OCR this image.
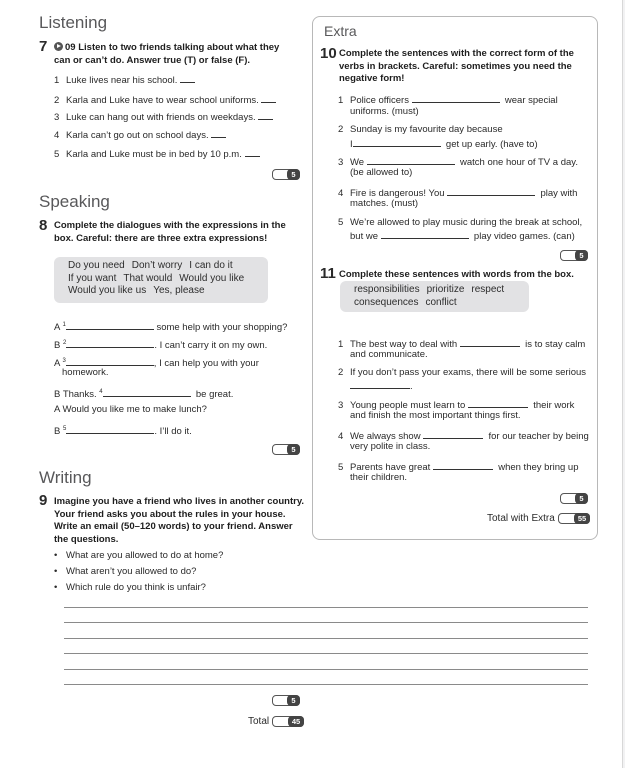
Listening
7	09 Listen to two friends talking about what they can or can’t do. Answer true (T) or false (F).
1 Luke lives near his school.
2 Karla and Luke have to wear school uniforms.
3 Luke can hang out with friends on weekdays.
4 Karla can’t go out on school days.
5 Karla and Luke must be in bed by 10 p.m.
5
Speaking
8 Complete the dialogues with the expressions in the box. Careful: there are three extra expressions!
Do you need Don’t worry I can do it
If you want That would Would you like
Would you like us Yes, please
A $^1$	some help with your shopping?
B $^2$	. I can’t carry it on my own.
A $^3$	, I can help you with your
homework.
B Thanks. $^4$	be great.
A Would you like me to make lunch?
B $^5$	. I’ll do it.
5
Writing
9 Imagine you have a friend who lives in another country. Your friend asks you about the rules in your house. Write an email (50–120 words) to your friend. Answer the questions.
• What are you allowed to do at home?
• What aren’t you allowed to do?
• Which rule do you think is unfair?
5
Total	45
Extra
10 Complete the sentences with the correct form of the verbs in brackets. Careful: sometimes you need the negative form!
1 Police officers	wear special
uniforms. (must)
2 Sunday is my favourite day because
I	get up early. (have to)
3 We	watch one hour of TV a day.
(be allowed to)
4 Fire is dangerous! You	play with
matches. (must)
5 We’re allowed to play music during the break at school,
but we	play video games. (can)
5
11 Complete these sentences with words from the box.
responsibilities prioritize respect
consequences conflict
1 The best way to deal with	is to stay calm
and communicate.
2 If you don’t pass your exams, there will be some serious
.
3 Young people must learn to	their work
and finish the most important things first.
4 We always show	for our teacher by being
very polite in class.
5 Parents have great	when they bring up
their children.
5
Total with Extra	55
